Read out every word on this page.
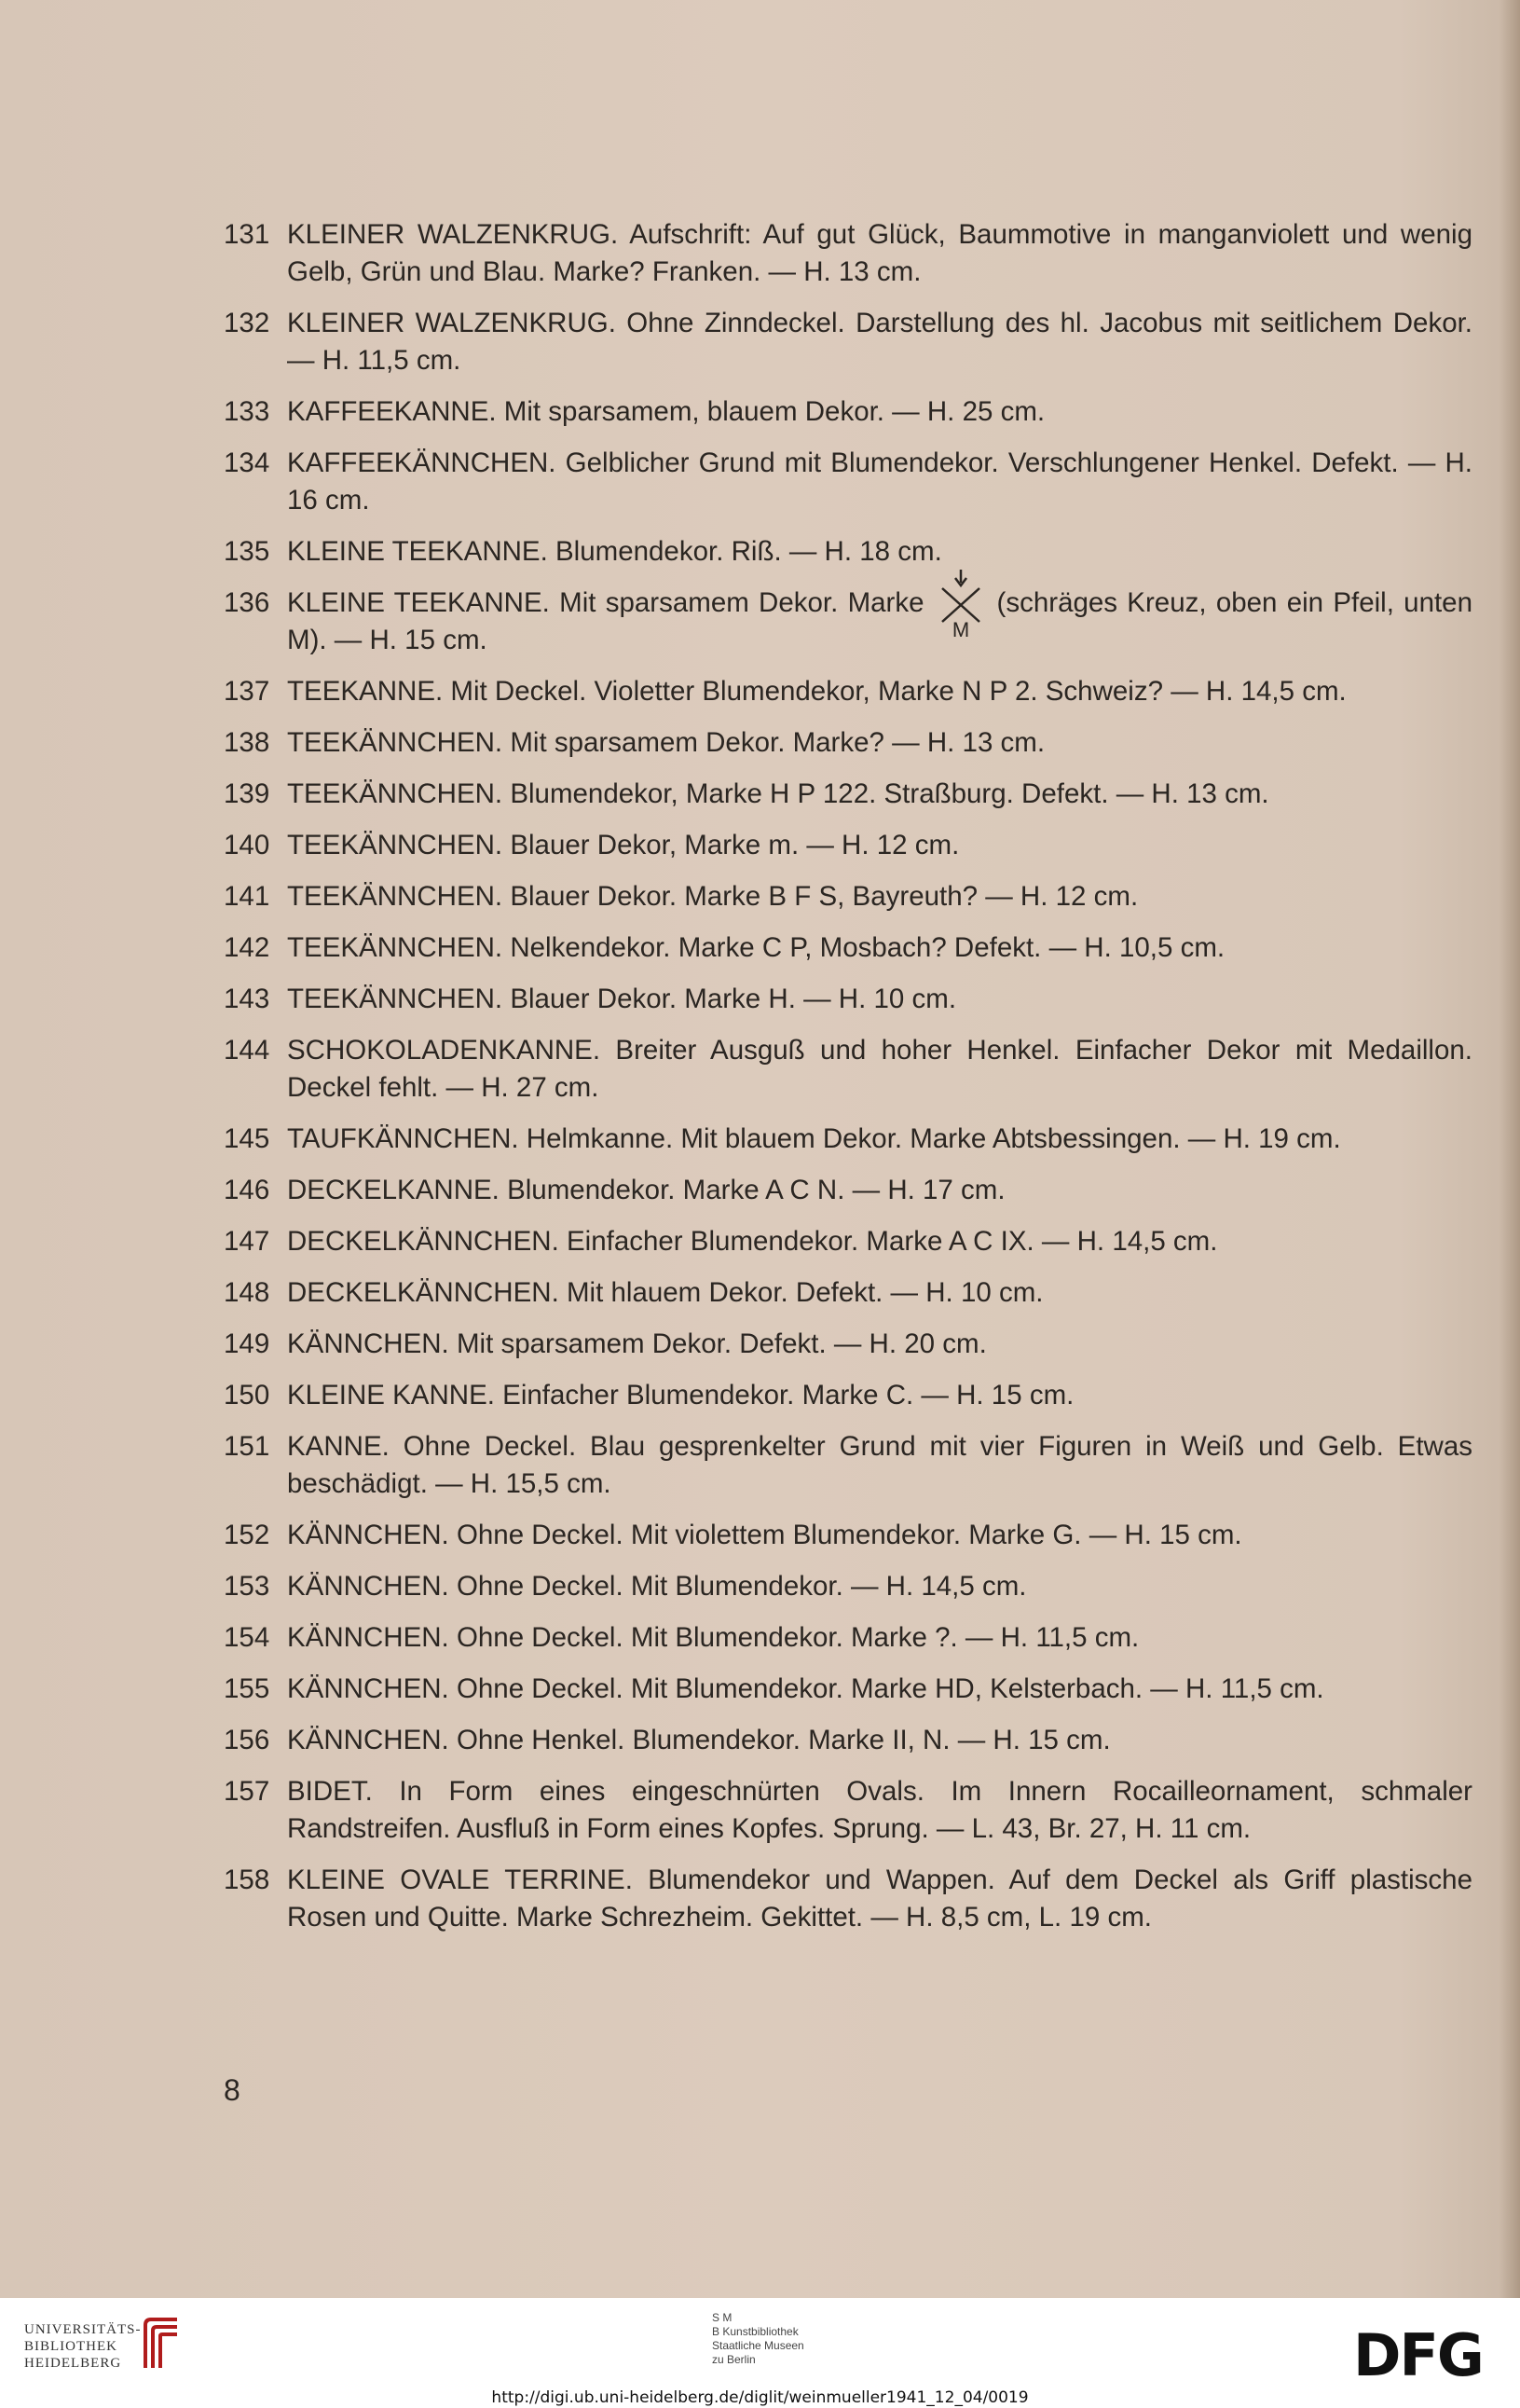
131 KLEINER WALZENKRUG. Aufschrift: Auf gut Glück, Baummotive in manganviolett und wenig Gelb, Grün und Blau. Marke? Franken. — H. 13 cm.
132 KLEINER WALZENKRUG. Ohne Zinndeckel. Darstellung des hl. Jacobus mit seitlichem Dekor. — H. 11,5 cm.
133 KAFFEEKANNE. Mit sparsamem, blauem Dekor. — H. 25 cm.
134 KAFFEEKÄNNCHEN. Gelblicher Grund mit Blumendekor. Verschlungener Henkel. Defekt. — H. 16 cm.
135 KLEINE TEEKANNE. Blumendekor. Riß. — H. 18 cm.
136 KLEINE TEEKANNE. Mit sparsamem Dekor. Marke
M
(schräges Kreuz, oben ein Pfeil, unten M). — H. 15 cm.
137 TEEKANNE. Mit Deckel. Violetter Blumendekor, Marke N P 2. Schweiz? — H. 14,5 cm.
138 TEEKÄNNCHEN. Mit sparsamem Dekor. Marke? — H. 13 cm.
139 TEEKÄNNCHEN. Blumendekor, Marke H P 122. Straßburg. Defekt. — H. 13 cm.
140 TEEKÄNNCHEN. Blauer Dekor, Marke m. — H. 12 cm.
141 TEEKÄNNCHEN. Blauer Dekor. Marke B F S, Bayreuth? — H. 12 cm.
142 TEEKÄNNCHEN. Nelkendekor. Marke C P, Mosbach? Defekt. — H. 10,5 cm.
143 TEEKÄNNCHEN. Blauer Dekor. Marke H. — H. 10 cm.
144 SCHOKOLADENKANNE. Breiter Ausguß und hoher Henkel. Einfacher Dekor mit Medaillon. Deckel fehlt. — H. 27 cm.
145 TAUFKÄNNCHEN. Helmkanne. Mit blauem Dekor. Marke Abtsbessingen. — H. 19 cm.
146 DECKELKANNE. Blumendekor. Marke A C N. — H. 17 cm.
147 DECKELKÄNNCHEN. Einfacher Blumendekor. Marke A C IX. — H. 14,5 cm.
148 DECKELKÄNNCHEN. Mit hlauem Dekor. Defekt. — H. 10 cm.
149 KÄNNCHEN. Mit sparsamem Dekor. Defekt. — H. 20 cm.
150 KLEINE KANNE. Einfacher Blumendekor. Marke C. — H. 15 cm.
151 KANNE. Ohne Deckel. Blau gesprenkelter Grund mit vier Figuren in Weiß und Gelb. Etwas beschädigt. — H. 15,5 cm.
152 KÄNNCHEN. Ohne Deckel. Mit violettem Blumendekor. Marke G. — H. 15 cm.
153 KÄNNCHEN. Ohne Deckel. Mit Blumendekor. — H. 14,5 cm.
154 KÄNNCHEN. Ohne Deckel. Mit Blumendekor. Marke ?. — H. 11,5 cm.
155 KÄNNCHEN. Ohne Deckel. Mit Blumendekor. Marke HD, Kelsterbach. — H. 11,5 cm.
156 KÄNNCHEN. Ohne Henkel. Blumendekor. Marke II, N. — H. 15 cm.
157 BIDET. In Form eines eingeschnürten Ovals. Im Innern Rocailleornament, schmaler Randstreifen. Ausfluß in Form eines Kopfes. Sprung. — L. 43, Br. 27, H. 11 cm.
158 KLEINE OVALE TERRINE. Blumendekor und Wappen. Auf dem Deckel als Griff plastische Rosen und Quitte. Marke Schrezheim. Gekittet. — H. 8,5 cm, L. 19 cm.
8
UNIVERSITÄTS-
BIBLIOTHEK
HEIDELBERG
S M
B Kunstbibliothek
Staatliche Museen
zu Berlin	DFG
http://digi.ub.uni-heidelberg.de/diglit/weinmueller1941_12_04/0019
